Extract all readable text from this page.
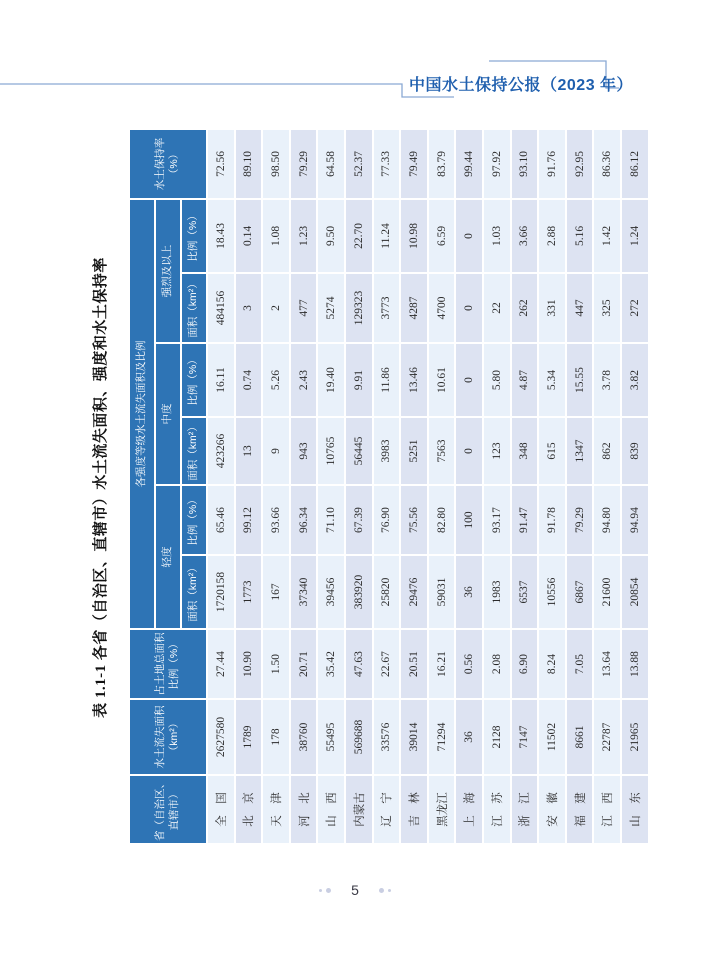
中国水土保持公报（2023 年）
表 1.1-1 各省（自治区、直辖市）水土流失面积、强度和水土保持率
省（自治区、直辖市）	水土流失面积（km²）	占土地总面积比例（%）	各强度等级水土流失面积及比例						水土保持率（%）
			轻度		中度		强烈及以上		
			面积（km²）	比例（%）	面积（km²）	比例（%）	面积（km²）	比例（%）	
全　国	2627580	27.44	1720158	65.46	423266	16.11	484156	18.43	72.56
北　京	1789	10.90	1773	99.12	13	0.74	3	0.14	89.10
天　津	178	1.50	167	93.66	9	5.26	2	1.08	98.50
河　北	38760	20.71	37340	96.34	943	2.43	477	1.23	79.29
山　西	55495	35.42	39456	71.10	10765	19.40	5274	9.50	64.58
内蒙古	569688	47.63	383920	67.39	56445	9.91	129323	22.70	52.37
辽　宁	33576	22.67	25820	76.90	3983	11.86	3773	11.24	77.33
吉　林	39014	20.51	29476	75.56	5251	13.46	4287	10.98	79.49
黑龙江	71294	16.21	59031	82.80	7563	10.61	4700	6.59	83.79
上　海	36	0.56	36	100	0	0	0	0	99.44
江　苏	2128	2.08	1983	93.17	123	5.80	22	1.03	97.92
浙　江	7147	6.90	6537	91.47	348	4.87	262	3.66	93.10
安　徽	11502	8.24	10556	91.78	615	5.34	331	2.88	91.76
福　建	8661	7.05	6867	79.29	1347	15.55	447	5.16	92.95
江　西	22787	13.64	21600	94.80	862	3.78	325	1.42	86.36
山　东	21965	13.88	20854	94.94	839	3.82	272	1.24	86.12
5
